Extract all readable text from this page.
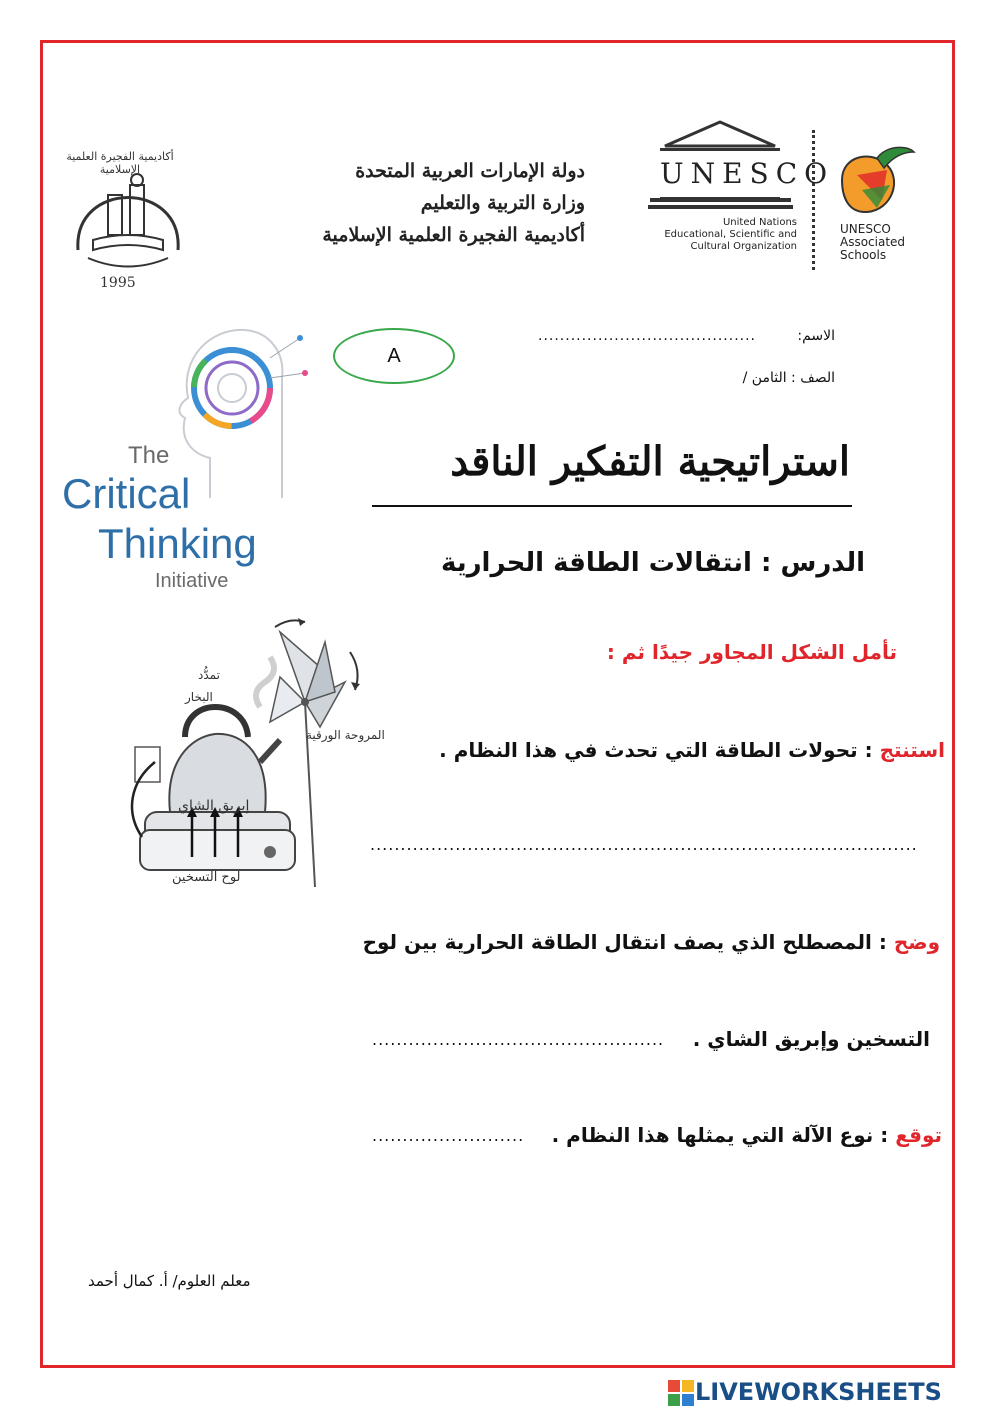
1995
أكاديمية الفجيرة العلمية الإسلامية	دولة الإمارات العربية المتحدة
وزارة التربية والتعليم
أكاديمية الفجيرة العلمية الإسلامية
UNESCO
United Nations
Educational, Scientific and
Cultural Organization
UNESCO
Associated
Schools
الاسم:
........................................
الصف : الثامن /
A
The
Critical
Thinking
Initiative
استراتيجية التفكير الناقد
الدرس : انتقالات الطاقة الحرارية
تمدُّد
البخار
المروحة الورقية
إبريق الشاي
لوح التسخين
تأمل الشكل المجاور جيدًا ثم :
استنتج : تحولات الطاقة التي تحدث في هذا النظام .
..........................................................................................
وضح : المصطلح الذي يصف انتقال الطاقة الحرارية بين لوح
التسخين وإبريق الشاي .
................................................
توقع : نوع الآلة التي يمثلها هذا النظام .
.........................
معلم العلوم/ أ. كمال أحمد
LIVEWORKSHEETS
